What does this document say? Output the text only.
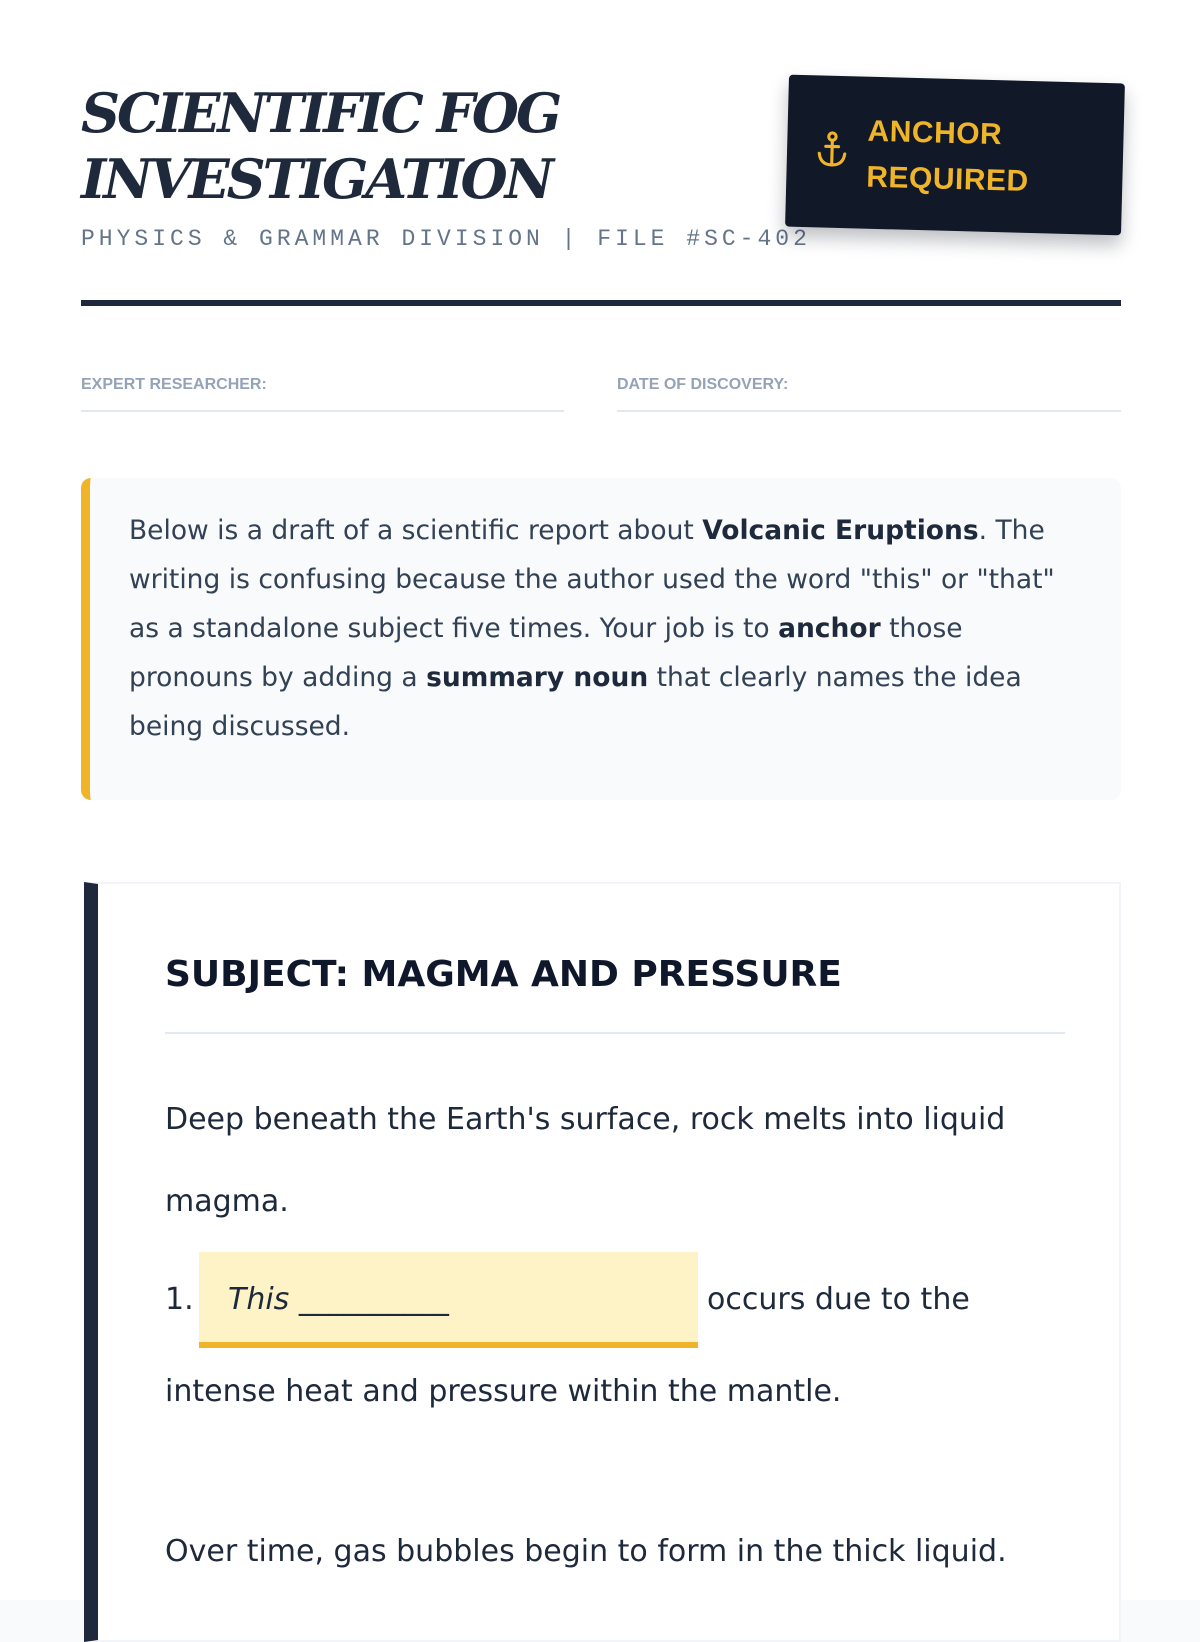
SCIENTIFIC FOG
INVESTIGATION
PHYSICS & GRAMMAR DIVISION | FILE #SC-402
ANCHOR
REQUIRED
EXPERT RESEARCHER:	DATE OF DISCOVERY:

Below is a draft of a scientific report about Volcanic Eruptions. The writing is confusing because the author used the word "this" or "that" as a standalone subject five times. Your job is to anchor those pronouns by adding a summary noun that clearly names the idea being discussed.

SUBJECT: MAGMA AND PRESSURE
Deep beneath the Earth's surface, rock melts into liquid
magma.
1.	This __________	occurs due to the
intense heat and pressure within the mantle.
Over time, gas bubbles begin to form in the thick liquid.
